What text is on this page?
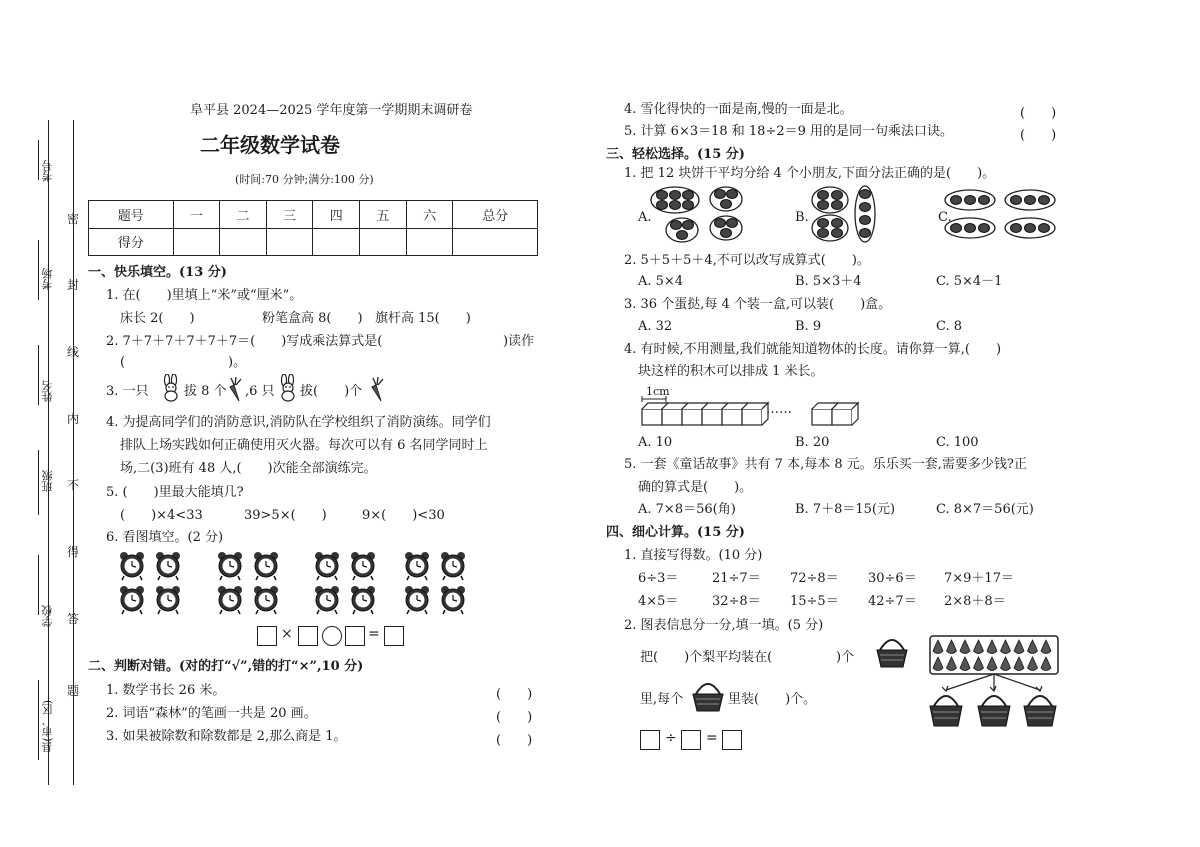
考号
考场
姓名
班级
学校
县(市、区)
密
封
线
内
不
得
答
题
阜平县 2024—2025 学年度第一学期期末调研卷
二年级数学试卷
(时间:70 分钟;满分:100 分)
题号	一	二	三	四	五	六	总分
得分							
一、快乐填空。(13 分)
1. 在(　　)里填上“米”或“厘米”。
床长 2(　　)	粉笔盒高 8(　　) 旗杆高 15(　　)
2. 7＋7＋7＋7＋7＋7＝(　　)写成乘法算式是(	)读作
(	)。
3. 一只	拔 8 个 ,6 只 拔(　　)个
4. 为提高同学们的消防意识,消防队在学校组织了消防演练。同学们
排队上场实践如何正确使用灭火器。每次可以有 6 名同学同时上
场,二(3)班有 48 人,(　　)次能全部演练完。
5. (　　)里最大能填几?
(　　)×4<33	39>5×(　　)	9×(　　)<30
6. 看图填空。(2 分)
×	=
二、判断对错。(对的打“√”,错的打“×”,10 分)
1. 数学书长 26 米。	(　　)
2. 词语“森林”的笔画一共是 20 画。	(　　)
3. 如果被除数和除数都是 2,那么商是 1。	(　　)
4. 雪化得快的一面是南,慢的一面是北。	(　　)
5. 计算 6×3＝18 和 18÷2＝9 用的是同一句乘法口诀。	(　　)
三、轻松选择。(15 分)
1. 把 12 块饼干平均分给 4 个小朋友,下面分法正确的是(　　)。
A.	B.	C.
2. 5＋5＋5＋4,不可以改写成算式(　　)。
A. 5×4	B. 5×3＋4	C. 5×4－1
3. 36 个蛋挞,每 4 个装一盒,可以装(　　)盒。
A. 32	B. 9	C. 8
4. 有时候,不用测量,我们就能知道物体的长度。请你算一算,(　　)
块这样的积木可以排成 1 米长。
1cm
……
A. 10	B. 20	C. 100
5. 一套《童话故事》共有 7 本,每本 8 元。乐乐买一套,需要多少钱?正
确的算式是(　　)。
A. 7×8＝56(角)	B. 7＋8＝15(元)	C. 8×7＝56(元)
四、细心计算。(15 分)
1. 直接写得数。(10 分)
6÷3＝	21÷7＝ 72÷8＝ 30÷6＝ 7×9＋17＝
4×5＝	32÷8＝ 15÷5＝ 42÷7＝ 2×8＋8＝
2. 图表信息分一分,填一填。(5 分)
把(　　)个梨平均装在(	)个
里,每个	里装(　　)个。
÷ =
